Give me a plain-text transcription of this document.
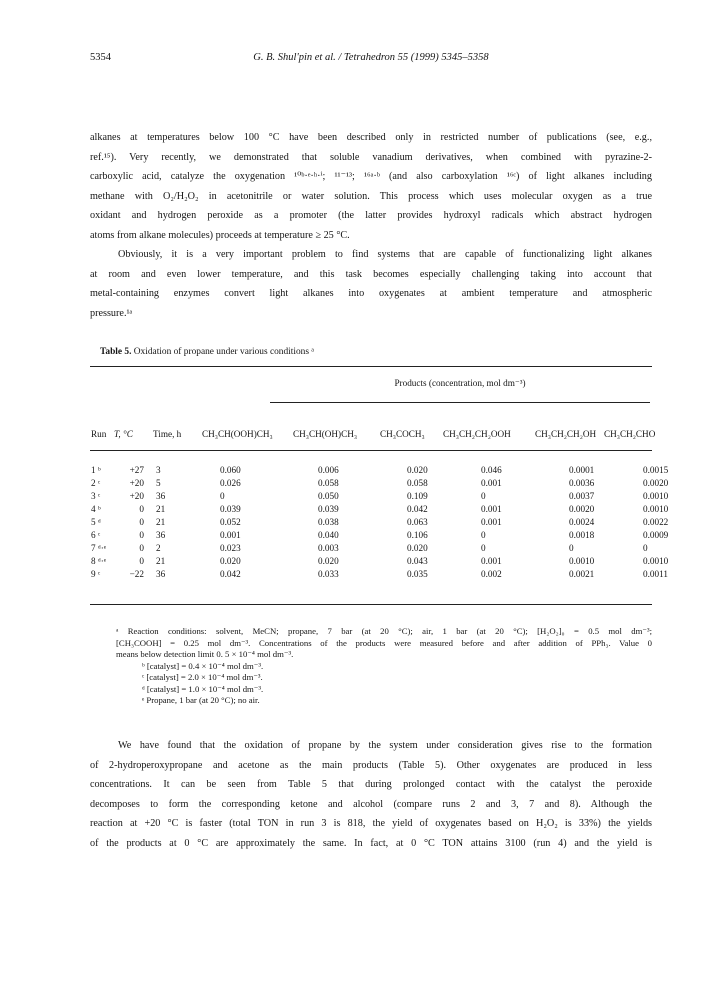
5354	G. B. Shul'pin et al. / Tetrahedron 55 (1999) 5345–5358

alkanes at temperatures below 100 °C have been described only in restricted number of publications (see, e.g.,
ref.¹⁵). Very recently, we demonstrated that soluble vanadium derivatives, when combined with pyrazine-2-
carboxylic acid, catalyze the oxygenation ¹⁰ᵇ·ᵉ·ʰ·ⁱ; ¹¹⁻¹³; ¹⁶ᵃ·ᵇ (and also carboxylation ¹⁶ᶜ) of light alkanes including
methane with O₂/H₂O₂ in acetonitrile or water solution. This process which uses molecular oxygen as a true
oxidant and hydrogen peroxide as a promoter (the latter provides hydroxyl radicals which abstract hydrogen
atoms from alkane molecules) proceeds at temperature ≥ 25 °C.

Obviously, it is a very important problem to find systems that are capable of functionalizing light alkanes
at room and even lower temperature, and this task becomes especially challenging taking into account that
metal-containing enzymes convert light alkanes into oxygenates at ambient temperature and atmospheric
pressure.¹ᵃ

Table 5. Oxidation of propane under various conditions ᵃ
Products (concentration, mol dm⁻³)
Run T, °C Time, h CH₃CH(OOH)CH₃ CH₃CH(OH)CH₃ CH₃COCH₃ CH₃CH₂CH₂OOH	CH₃CH₂CH₂OH CH₃CH₂CHO
1 ᵇ	+27	3	0.060	0.006	0.020	0.046	0.0001	0.0015
2 ᶜ	+20	5	0.026	0.058	0.058	0.001	0.0036	0.0020
3 ᶜ	+20	36	0	0.050	0.109	0	0.0037	0.0010
4 ᵇ	0	21	0.039	0.039	0.042	0.001	0.0020	0.0010
5 ᵈ	0	21	0.052	0.038	0.063	0.001	0.0024	0.0022
6 ᶜ	0	36	0.001	0.040	0.106	0	0.0018	0.0009
7 ᵈ·ᵉ	0	2	0.023	0.003	0.020	0	0	0
8 ᵈ·ᵉ	0	21	0.020	0.020	0.043	0.001	0.0010	0.0010
9 ᶜ	−22	36	0.042	0.033	0.035	0.002	0.0021	0.0011
ᵃ Reaction conditions: solvent, MeCN; propane, 7 bar (at 20 °C); air, 1 bar (at 20 °C); [H₂O₂]₀ = 0.5 mol dm⁻³;
[CH₃COOH] = 0.25 mol dm⁻³. Concentrations of the products were measured before and after addition of PPh₃. Value 0
means below detection limit 0. 5 × 10⁻⁴ mol dm⁻³.
ᵇ [catalyst] = 0.4 × 10⁻⁴ mol dm⁻³.
ᶜ [catalyst] = 2.0 × 10⁻⁴ mol dm⁻³.
ᵈ [catalyst] = 1.0 × 10⁻⁴ mol dm⁻³.
ᵉ Propane, 1 bar (at 20 °C); no air.

We have found that the oxidation of propane by the system under consideration gives rise to the formation
of 2-hydroperoxypropane and acetone as the main products (Table 5). Other oxygenates are produced in less
concentrations. It can be seen from Table 5 that during prolonged contact with the catalyst the peroxide
decomposes to form the corresponding ketone and alcohol (compare runs 2 and 3, 7 and 8). Although the
reaction at +20 °C is faster (total TON in run 3 is 818, the yield of oxygenates based on H₂O₂ is 33%) the yields
of the products at 0 °C are approximately the same. In fact, at 0 °C TON attains 3100 (run 4) and the yield is
